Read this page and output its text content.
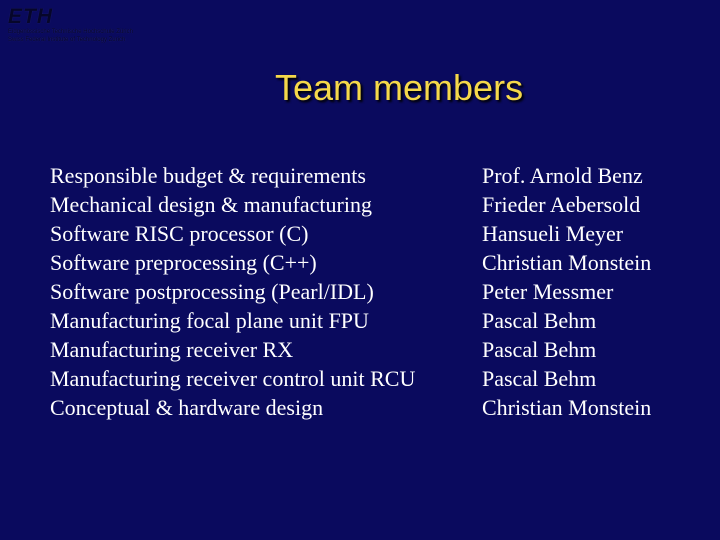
ETH
Eidgenössische Technische Hochschule Zürich
Swiss Federal Institute of Technology Zurich
Team members
Responsible budget & requirements
Mechanical design & manufacturing
Software RISC processor (C)
Software preprocessing (C++)
Software postprocessing (Pearl/IDL)
Manufacturing focal plane unit FPU
Manufacturing receiver RX
Manufacturing receiver control unit RCU
Conceptual & hardware design
Prof. Arnold Benz
Frieder Aebersold
Hansueli Meyer
Christian Monstein
Peter Messmer
Pascal Behm
Pascal Behm
Pascal Behm
Christian Monstein
